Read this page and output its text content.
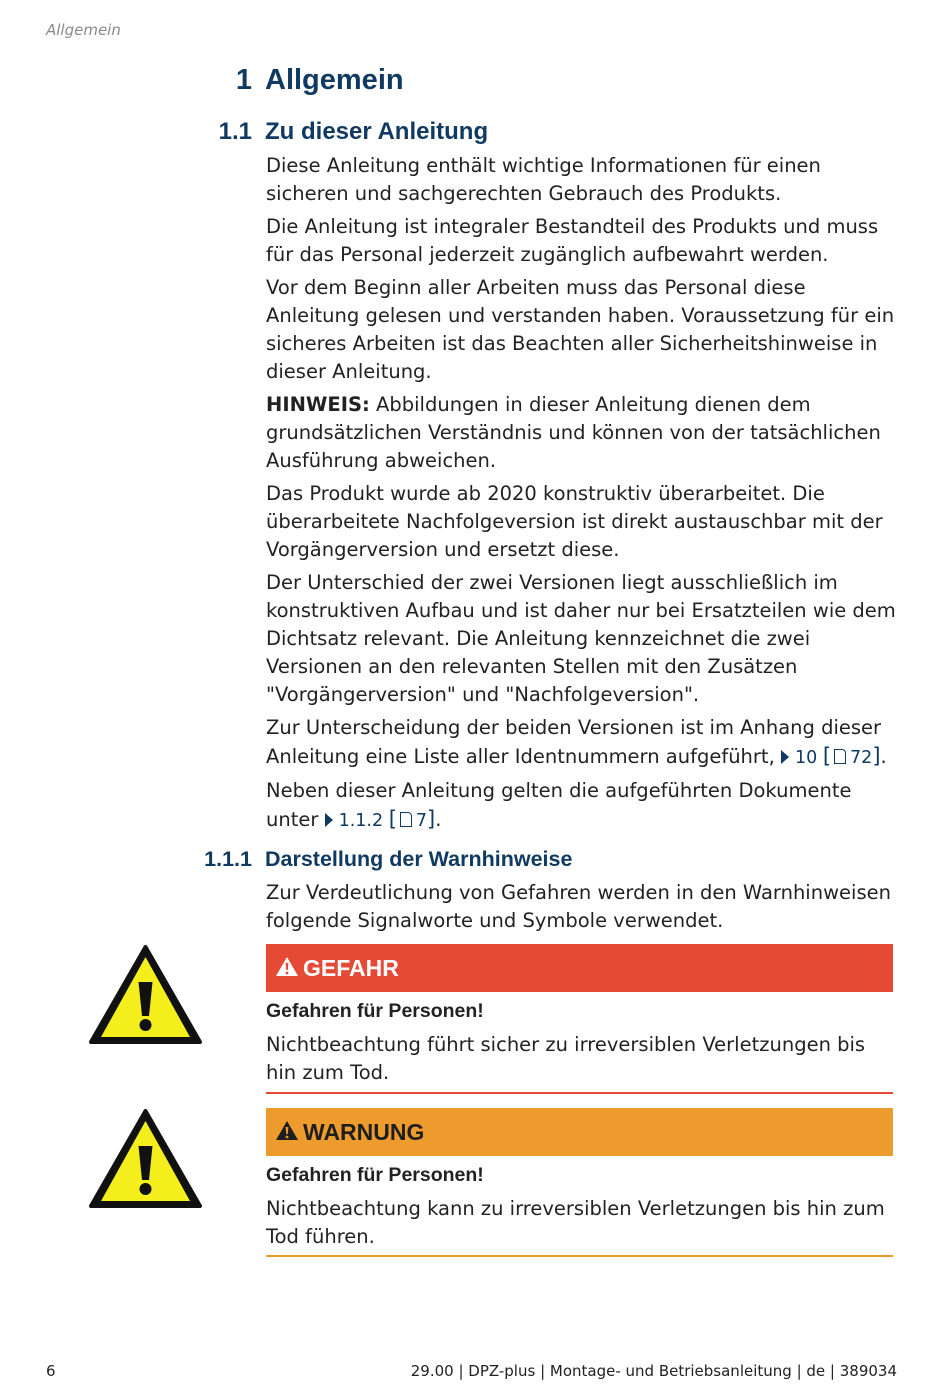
Allgemein
1 Allgemein
1.1 Zu dieser Anleitung

Diese Anleitung enthält wichtige Informationen für einen sicheren und sachgerechten Gebrauch des Produkts.

Die Anleitung ist integraler Bestandteil des Produkts und muss für das Personal jederzeit zugänglich aufbewahrt werden.

Vor dem Beginn aller Arbeiten muss das Personal diese Anleitung gelesen und verstanden haben. Voraussetzung für ein sicheres Arbeiten ist das Beachten aller Sicherheitshinweise in dieser Anleitung.

HINWEIS: Abbildungen in dieser Anleitung dienen dem grundsätzlichen Verständnis und können von der tatsächlichen Ausführung abweichen.

Das Produkt wurde ab 2020 konstruktiv überarbeitet. Die überarbeitete Nachfolgeversion ist direkt austauschbar mit der Vorgängerversion und ersetzt diese.

Der Unterschied der zwei Versionen liegt ausschließlich im konstruktiven Aufbau und ist daher nur bei Ersatzteilen wie dem Dichtsatz relevant. Die Anleitung kennzeichnet die zwei Versionen an den relevanten Stellen mit den Zusätzen "Vorgängerversion" und "Nachfolgeversion".

Zur Unterscheidung der beiden Versionen ist im Anhang dieser Anleitung eine Liste aller Identnummern aufgeführt, 10 [ 72].

Neben dieser Anleitung gelten die aufgeführten Dokumente unter 1.1.2 [ 7].

1.1.1 Darstellung der Warnhinweise

Zur Verdeutlichung von Gefahren werden in den Warnhinweisen folgende Signalworte und Symbole verwendet.

GEFAHR
Gefahren für Personen!
Nichtbeachtung führt sicher zu irreversiblen Verletzungen bis hin zum Tod.
WARNUNG
Gefahren für Personen!
Nichtbeachtung kann zu irreversiblen Verletzungen bis hin zum Tod führen.
6	29.00 | DPZ-plus | Montage- und Betriebsanleitung | de | 389034
